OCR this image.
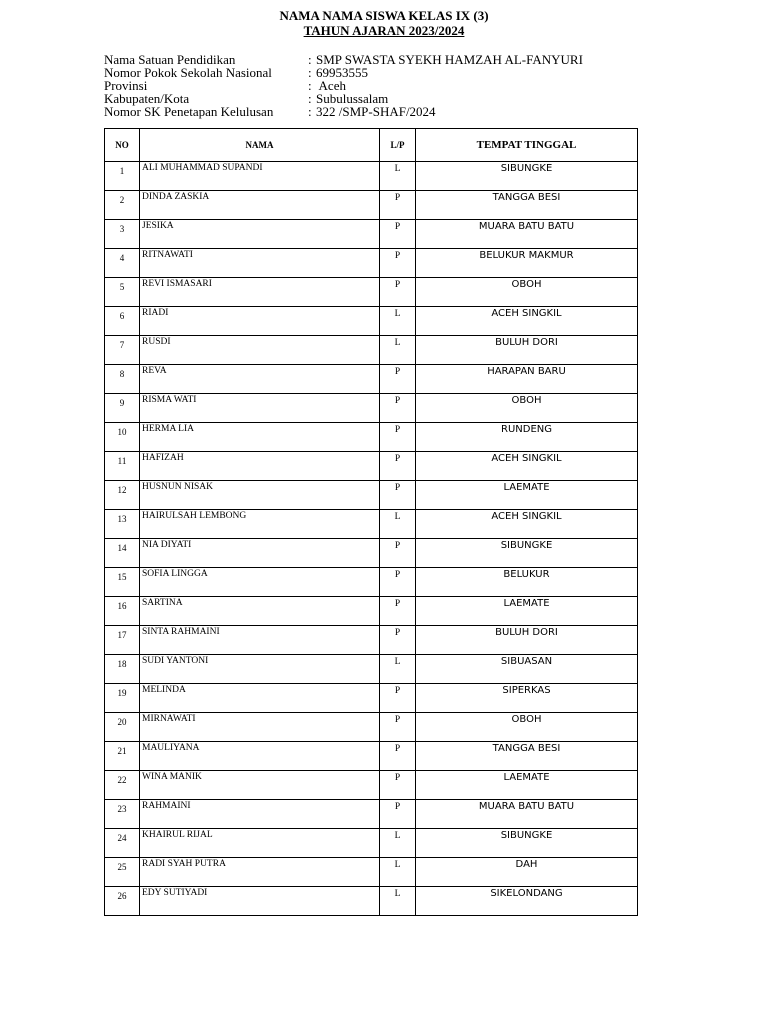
NAMA NAMA SISWA KELAS IX (3)
TAHUN AJARAN 2023/2024
Nama Satuan Pendidikan	: SMP SWASTA SYEKH HAMZAH AL-FANYURI
Nomor Pokok Sekolah Nasional	: 69953555
Provinsi	: Aceh
Kabupaten/Kota	: Subulussalam
Nomor SK Penetapan Kelulusan	: 322 /SMP-SHAF/2024
NO	NAMA	L/P	TEMPAT TINGGAL
1	ALI MUHAMMAD SUPANDI	L	SIBUNGKE
2	DINDA ZASKIA	P	TANGGA BESI
3	JESIKA	P	MUARA BATU BATU
4	RITNAWATI	P	BELUKUR MAKMUR
5	REVI ISMASARI	P	OBOH
6	RIADI	L	ACEH SINGKIL
7	RUSDI	L	BULUH DORI
8	REVA	P	HARAPAN BARU
9	RISMA WATI	P	OBOH
10	HERMA LIA	P	RUNDENG
11	HAFIZAH	P	ACEH SINGKIL
12	HUSNUN NISAK	P	LAEMATE
13	HAIRULSAH LEMBONG	L	ACEH SINGKIL
14	NIA DIYATI	P	SIBUNGKE
15	SOFIA LINGGA	P	BELUKUR
16	SARTINA	P	LAEMATE
17	SINTA RAHMAINI	P	BULUH DORI
18	SUDI YANTONI	L	SIBUASAN
19	MELINDA	P	SIPERKAS
20	MIRNAWATI	P	OBOH
21	MAULIYANA	P	TANGGA BESI
22	WINA MANIK	P	LAEMATE
23	RAHMAINI	P	MUARA BATU BATU
24	KHAIRUL RIJAL	L	SIBUNGKE
25	RADI SYAH PUTRA	L	DAH
26	EDY SUTIYADI	L	SIKELONDANG
